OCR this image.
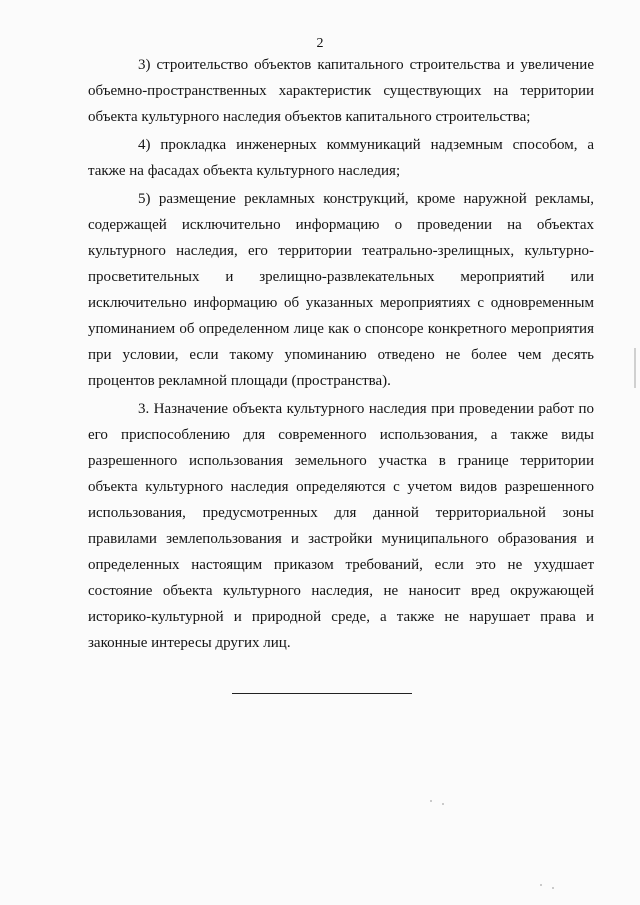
2

3) строительство объектов капитального строительства и увеличение объемно-пространственных характеристик существующих на территории объекта культурного наследия объектов капитального строительства;

4) прокладка инженерных коммуникаций надземным способом, а также на фасадах объекта культурного наследия;

5) размещение рекламных конструкций, кроме наружной рекламы, содержащей исключительно информацию о проведении на объектах культурного наследия, его территории театрально-зрелищных, культурно-просветительных и зрелищно-развлекательных мероприятий или исключительно информацию об указанных мероприятиях с одновременным упоминанием об определенном лице как о спонсоре конкретного мероприятия при условии, если такому упоминанию отведено не более чем десять процентов рекламной площади (пространства).

3. Назначение объекта культурного наследия при проведении работ по его приспособлению для современного использования, а также виды разрешенного использования земельного участка в границе территории объекта культурного наследия определяются с учетом видов разрешенного использования, предусмотренных для данной территориальной зоны правилами землепользования и застройки муниципального образования и определенных настоящим приказом требований, если это не ухудшает состояние объекта культурного наследия, не наносит вред окружающей историко-культурной и природной среде, а также не нарушает права и законные интересы других лиц.
